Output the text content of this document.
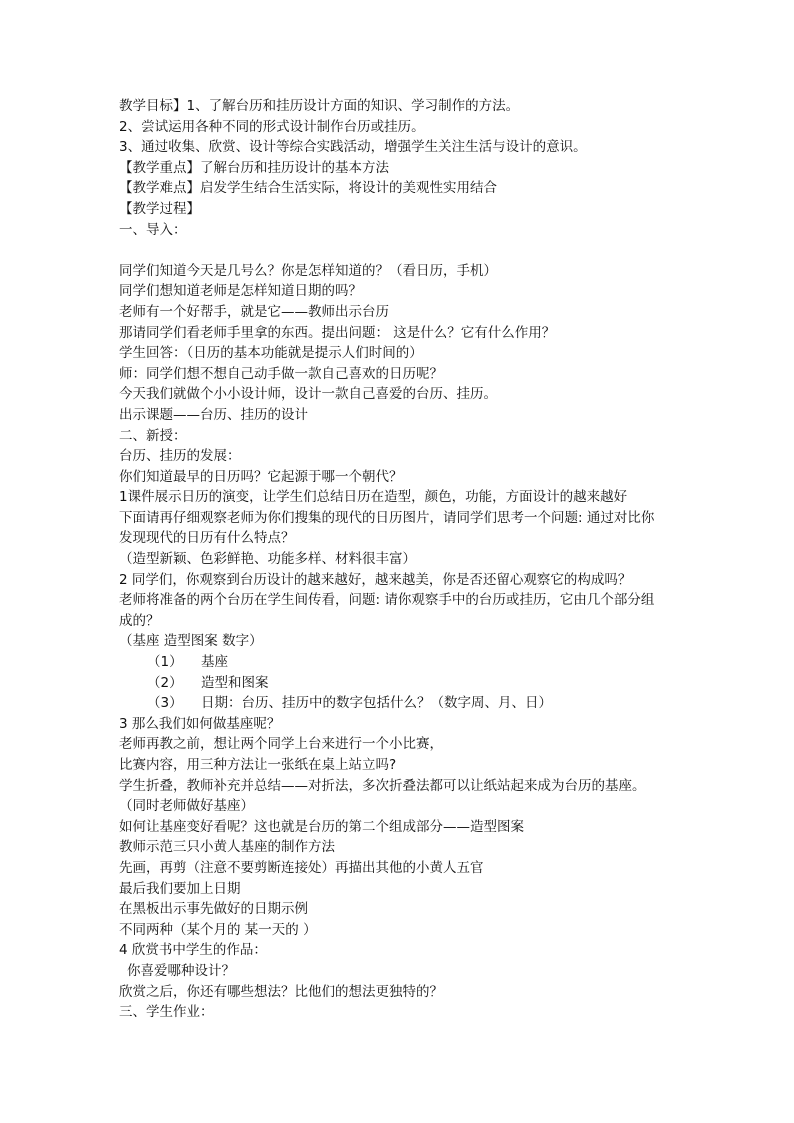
教学目标】1、了解台历和挂历设计方面的知识、学习制作的方法。
2、尝试运用各种不同的形式设计制作台历或挂历。
3、通过收集、欣赏、设计等综合实践活动，增强学生关注生活与设计的意识。
【教学重点】了解台历和挂历设计的基本方法
【教学难点】启发学生结合生活实际，将设计的美观性实用结合
【教学过程】
一、导入：
同学们知道今天是几号么？你是怎样知道的？（看日历，手机）
同学们想知道老师是怎样知道日期的吗？
老师有一个好帮手，就是它——教师出示台历
那请同学们看老师手里拿的东西。提出问题： 这是什么？它有什么作用？
学生回答：（日历的基本功能就是提示人们时间的）
师：同学们想不想自己动手做一款自己喜欢的日历呢？
今天我们就做个小小设计师，设计一款自己喜爱的台历、挂历。
出示课题——台历、挂历的设计
二、新授：
台历、挂历的发展：
你们知道最早的日历吗？它起源于哪一个朝代？
1课件展示日历的演变，让学生们总结日历在造型，颜色，功能，方面设计的越来越好
下面请再仔细观察老师为你们搜集的现代的日历图片，请同学们思考一个问题: 通过对比你
发现现代的日历有什么特点？
（造型新颖、色彩鲜艳、功能多样、材料很丰富）
2 同学们，你观察到台历设计的越来越好，越来越美，你是否还留心观察它的构成吗？
老师将准备的两个台历在学生间传看，问题: 请你观察手中的台历或挂历，它由几个部分组
成的？
（基座 造型图案 数字）
（1） 基座
（2） 造型和图案
（3） 日期：台历、挂历中的数字包括什么？（数字周、月、日）
3 那么我们如何做基座呢？
老师再教之前，想让两个同学上台来进行一个小比赛，
比赛内容，用三种方法让一张纸在桌上站立吗?
学生折叠，教师补充并总结——对折法，多次折叠法都可以让纸站起来成为台历的基座。
（同时老师做好基座）
如何让基座变好看呢？这也就是台历的第二个组成部分——造型图案
教师示范三只小黄人基座的制作方法
先画，再剪（注意不要剪断连接处）再描出其他的小黄人五官
最后我们要加上日期
在黑板出示事先做好的日期示例
不同两种（某个月的 某一天的 ）
4 欣赏书中学生的作品：
你喜爱哪种设计？
欣赏之后，你还有哪些想法？比他们的想法更独特的？
三、学生作业：
